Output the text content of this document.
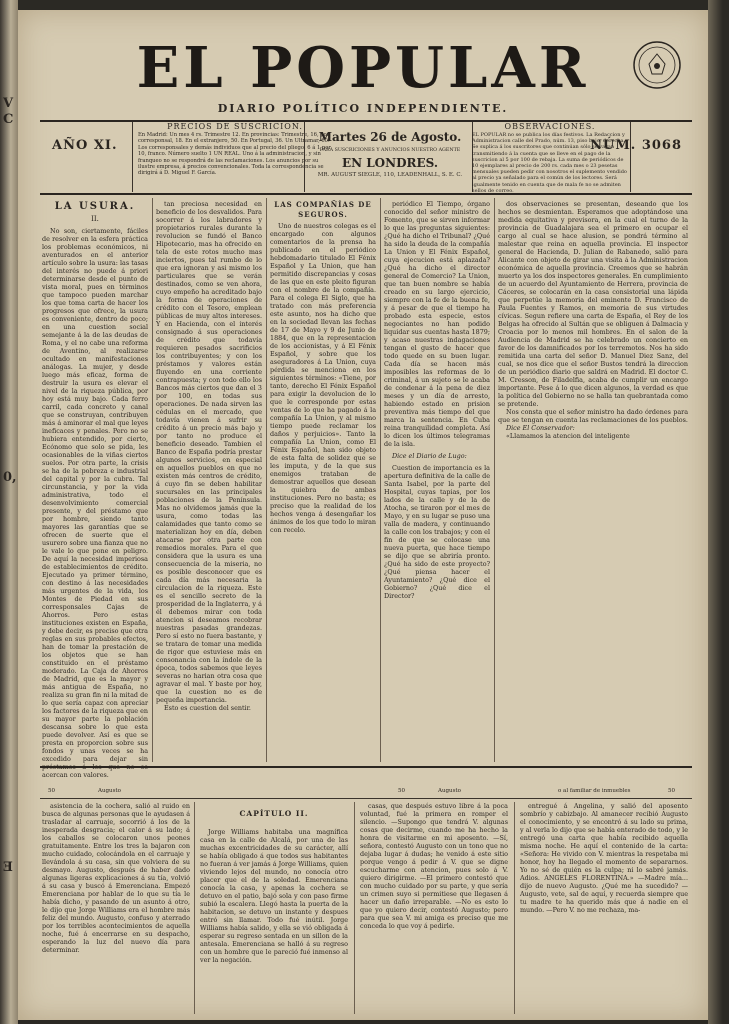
V
C
0,
Ǝ
EL POPULAR
DIARIO POLÍTICO INDEPENDIENTE.
AÑO XI.
PRECIOS DE SUSCRICION.
En Madrid: Un mes 4 rs. Trimestre 12. En provincias: Trimestre, 16, por corresponsal, 18. En el extranjero, 50. En Portugal, 36. Un Ultramar, 60. Los corresponsales y demás individuos que al precio del pliego, 6 á 1 por 10, franco. Número suelto 1 UN REAL. Uno á la administracion, y sin franqueo no se respondrá de las reclamaciones. Los anuncios por su ilustre empresa, á precios convencionales. Toda la correspondencia se dirigirá á D. Miguel F. García.
Martes 26 de Agosto.
PARA SUSCRICIONES Y ANUNCIOS NUESTRO AGENTE
EN LONDRES.
MR. AUGUST SIEGLE, 110, LEADENHALL, S. E. C.
OBSERVACIONES.
EL POPULAR no se publica los días festivos. La Redaccion y Administracion calle del Prado, núm. 13, piso bajo, derecha. Se suplica á los suscritores que continúan sólo se vayan transmitiendo á la cuenta que se lleve en el pago de la suscricion al 5 por 100 de rebaja. La suma de periódicos de 10 ejemplares al precio de 200 rs. cada mes o 23 pesetas mensuales pueden pedir con nosotros el suplemento vendido al precio ya señalado para el común de los lectores. Será igualmente tenido en cuenta que de mala fe no se admiten sellos de correo.
NÚM. 3068
LA USURA.
II.

No son, ciertamente, fáciles de resolver en la esfera práctica los problemas económicos, ni aventurados en el anterior artículo sobre la usura: las tasas del interés no puede á priori determinarse desde el punto de vista moral, pues en términos que tampoco pueden marchar los que toma carta de hacer los progresos que ofrece, la usura es conveniente, dentro de poco; en una cuestion social semejante á la de las deudas de Roma, y el no cabe una reforma de Aventino, al realizarse ocultado en manifestaciones análogas. La mujer, y desde luego más eficaz, forma de destruir la usura es elevar el nivel de la riqueza pública, por hoy está muy bajo. Cada ferro carril, cada concreto y canal que se construyan, contribuyen más á aminorar el mal que leyes ineficaces y penales. Pero no se hubiera entendido, por cierto, Ecónomo que solo se pida, les ocasionables de la viñas ciertos suelos. Por otra parte, la crisis se ha de la pobreza e industrial del capital y por la cubra. Tal circunstancia, y por la vida administrativa, todo el desenvolvimiento comercial presente, y del préstamo que por hombre, siendo tanto mayores las garantías que se ofrecen de suerte que el usurero sobre una fianza que no le vale lo que pone en peligro. De aquí la necesidad imperiosa de establecimientos de crédito. Ejecutado ya primer término, con destino á las necesidades más urgentes de la vida, los Montes de Piedad en sus corresponsales Cajas de Ahorros. Pero estas instituciones existen en España, y debe decir, es preciso que otra reglas en sus probables efectos, han de tomar la prestación de los objetos que se han constituido en el préstamo moderado. La Caja de Ahorros de Madrid, que es la mayor y más antigua de España, no realiza su gran fin ni la mitad de lo que sería capaz con apreciar los factores de la riqueza que en su mayor parte la población descansa sobre lo que esta puede devolver. Así es que se presta en proporcion sobre sus fondos y unas veces se ha excedido para dejar sin préstamos á los que no se acercan con valores.

tan preciosa necesidad en beneficio de los desvalidos. Para socorrer á los labradores y propietarios rurales durante la revolucion se fundó el Banco Hipotecario, mas ha ofrecido en tela de este rotos mucho mas inciertos, pues tal rumbo de lo que era ignoran y asi mismo los particulares que se verán destinados, como se ven ahora, cuyo empeño ha acreditado bajo la forma de operaciones de crédito con el Tesoro, emplean públicas de muy altos intereses. Y en Hacienda, con el interés consignado á sus operaciones de crédito que todavía requieren pesados sacrificios los contribuyentes; y con los préstamos y valores están fluyendo en una corriente contrapuesta; y con todo ello los Bancos más ciertos que dan el 3 por 100, en todas sus operaciones. De nada sirven las cédulas en el mercado, que todavía vienen á sufrir su crédito á un precio más bajo y por tanto no produce el beneficio deseado. Tambien el Banco de España podría prestar algunos servicios, en especial en aquellos pueblos en que no existen más centros de crédito, á cuyo fin se deben habilitar sucursales en las principales poblaciones de la Península. Mas no olvidemos jamás que la usura, como todas las calamidades que tanto como se materializan hoy en día, deben atacarse por otra parte con remedios morales. Para el que considera que la usura es una consecuencia de la miseria, no es posible desconocer que es cada día más necesaria la circulacion de la riqueza. Este es el sencillo secreto de la prosperidad de la Inglaterra, y á él debemos mirar con toda atencion si deseamos recobrar nuestras pasadas grandezas. Pero sí esto no fuera bastante, y se tratara de tomar una medida de rigor que estuviese más en consonancia con la índole de la época, todos sabemos que leyes severas no harian otra cosa que agravar el mal. Y baste por hoy, que la cuestion no es de pequeña importancia.

Esto es cuestion del sentir.

LAS COMPAÑÍAS DE SEGUROS.

Uno de nuestros colegas es el encargado con algunos comentarios de la prensa ha publicado en el periódico hebdomadario titulado El Fénix Español y La Union, que han permitido discrepancias y cosas de las que en este pleito figuran con el nombre de la compañía. Para el colega El Siglo, que ha tratado con más preferencia este asunto, nos ha dicho que en la sociedad llevan las fechas de 17 de Mayo y 9 de Junio de 1884, que en la representacion de los accionistas, y á El Fénix Español, y sobre que los aseguradores á La Union, cuya pérdida se menciona en los siguientes términos: «Tiene, por tanto, derecho El Fénix Español para exigir la devolucion de lo que le corresponde por estas ventas de lo que ha pagado á la compañía La Union, y al mismo tiempo puede reclamar los daños y perjuicios». Tanto la compañía La Union, como El Fénix Español, han sido objeto de esta falta de solidez que se les imputa, y de la que sus enemigos trataban de demostrar aquellos que desean la quiebra de ambas instituciones. Pero no basta; es preciso que la realidad de los hechos venga á desengañar los ánimos de los que todo lo miran con recelo.

periódico El Tiempo, órgano conocido del señor ministro de Fomento, que se sirven informar lo que las preguntas siguientes: ¿Qué ha dicho el Tribunal? ¿Qué ha sido la deuda de la compañía La Union y El Fénix Español, cuya ejecucion está aplazada? ¿Qué ha dicho el director general de Comercio? La Union, que tan buen nombre se había creado en su largo ejercicio, siempre con la fe de la buena fe, y á pesar de que el tiempo ha probado esta especie, estos negociantes no han podido liquidar sus cuentas hasta 1879; y acaso nuestras indagaciones tengan el gusto de hacer que todo quede en su buen lugar. Cada día se hacen más imposibles las reformas de lo criminal, á un sujeto se le acaba de condenar á la pena de diez meses y un día de arresto, habiendo estado en prision preventiva más tiempo del que marca la sentencia. En Cuba reina tranquilidad completa. Así lo dicen los últimos telegramas de la isla.

Dice el Diario de Lugo:

Cuestion de importancia es la apertura definitiva de la calle de Santa Isabel, por la parte del Hospital, cuyas tapias, por los lados de la calle y de la de Atocha, se tiraron por el mes de Mayo, y en su lugar se puso una valla de madera, y continuando la calle con los trabajos; y con el fin de que se colocase una nueva puerta, que hace tiempo se dijo que se abriría pronto. ¿Qué ha sido de este proyecto? ¿Qué piensa hacer el Ayuntamiento? ¿Qué dice el Gobierno? ¿Qué dice el Director?

dos observaciones se presentan, deseando que los hechos se desmientan. Esperamos que adoptándose una medida equitativa y previsora, en la cual el turno de la provincia de Guadalajara sea el primero en ocupar el cargo al cual se hace alusion, se pondrá término al malestar que reina en aquella provincia. El inspector general de Hacienda, D. Julian de Rabanedo, salió para Alicante con objeto de girar una visita á la Administracion económica de aquella provincia. Creemos que se habrán muerto ya los dos inspectores generales. En cumplimiento de un acuerdo del Ayuntamiento de Herrera, provincia de Cáceres, se colocarán en la casa consistorial una lápida que perpetúe la memoria del eminente D. Francisco de Paula Fuentes y Ramos, en memoria de sus virtudes cívicas. Segun refiere una carta de España, el Rey de los Belgas ha ofrecido al Sultán que se obliguen á Dalmacia y Croacia por lo menos mil hombres. En el salon de la Audiencia de Madrid se ha celebrado un concierto en favor de los damnificados por los terremotos. Nos ha sido remitida una carta del señor D. Manuel Diez Sanz, del cual, se nos dice que el señor Bustos tendrá la direccion de un periódico diario que saldrá en Madrid. El doctor C. M. Cresson, de Filadelfia, acaba de cumplir un encargo importante. Pese á lo que dicen algunos, la verdad es que la política del Gobierno no se halla tan quebrantada como se pretende.

Nos consta que el señor ministro ha dado órdenes para que se tengan en cuenta las reclamaciones de los pueblos.

Dice El Conservador:

«Llamamos la atencion del inteligente

50	Augusto	50	Augusto	o al familiar de inmuebles	50

asistencia de la cochera, salió al ruido en busca de algunas personas que le ayudasen á trasladar al carruaje, socorrió á los de la inesperada desgracia; el calor á su lado; á los caballos se colocaron unos peones gratuitamente. Entre los tres la bajaron con mucho cuidado, colocándola en el carruaje y llevándola á su casa, sin que volviera de su desmayo. Augusto, después de haber dado algunas ligeras explicaciones á su tía, volvió á su casa y buscó á Emerenciana. Empezó Emerenciana por hablar de lo que su tía le había dicho, y pasando de un asunto á otro, le dijo que Jorge Williams era el hombre más feliz del mundo. Augusto, confuso y aterrado por los terribles acontecimientos de aquella noche, fué á encerrarse en su despacho, esperando la luz del nuevo día para determinar.

CAPÍTULO II.

Jorge Williams habitaba una magnífica casa en la calle de Alcalá, por una de las muchas excentricidades de su carácter, allí se había obligado á que todos sus habitantes no fueran á ver jamás á Jorge Williams, quien viviendo lejos del mundo, no conocía otro placer que el de la soledad. Emerenciana conocía la casa, y apenas la cochera se detuvo en el patio, bajó sola y con paso firme subió la escalera. Llegó hasta la puerta de la habitacion, se detuvo un instante y despues entró sin llamar. Todo fué inútil. Jorge Williams había salido, y ella se vió obligada á esperar su regreso sentada en un sillon de la antesala. Emerenciana se halló á su regreso con un hombre que le pareció fué inmenso al ver la negación.

casas, que después estuvo libre á la poca voluntad, fué la primera en romper el silencio. —Supongo que tendrá V. algunas cosas que decirme, cuando me ha hecho la honra de visitarme en mi aposento. —Sí, señora, contestó Augusto con un tono que no dejaba lugar á dudas; he venido á este sitio porque vengo á pedir á V. que se digne escucharme con atencion, pues solo á V. quiero dirigirme. —El primero contestó que con mucho cuidado por su parte, y que sería un crimen suyo si permitiese que llegasen á hacer un daño irreparable. —No es esto lo que yo quiero decir, contestó Augusto; pero para que sea V. mi amiga es preciso que me conceda lo que voy á pedirle.

entregué á Angelina, y salió del aposento sombrío y cabizbajo. Al amanecer recibió Augusto el conocimiento, y se encontró á su lado su prima, y al verla lo dijo que se había enterado de todo, y le entregó una carta que había recibido aquella misma noche. He aquí el contenido de la carta: «Señora: He vivido con V. mientras la respetaba mi honor, hoy ha llegado el momento de separarnos. Yo no sé de quién es la culpa; ni lo sabré jamás. Adios. ANGELES FLORENTINA.» —Madre mía... dijo de nuevo Augusto. ¿Qué me ha sucedido? —Augusto, vete, sal de aquí, y recuerda siempre que tu madre te ha querido más que á nadie en el mundo. —Pero V. no me rechaza, ma-
